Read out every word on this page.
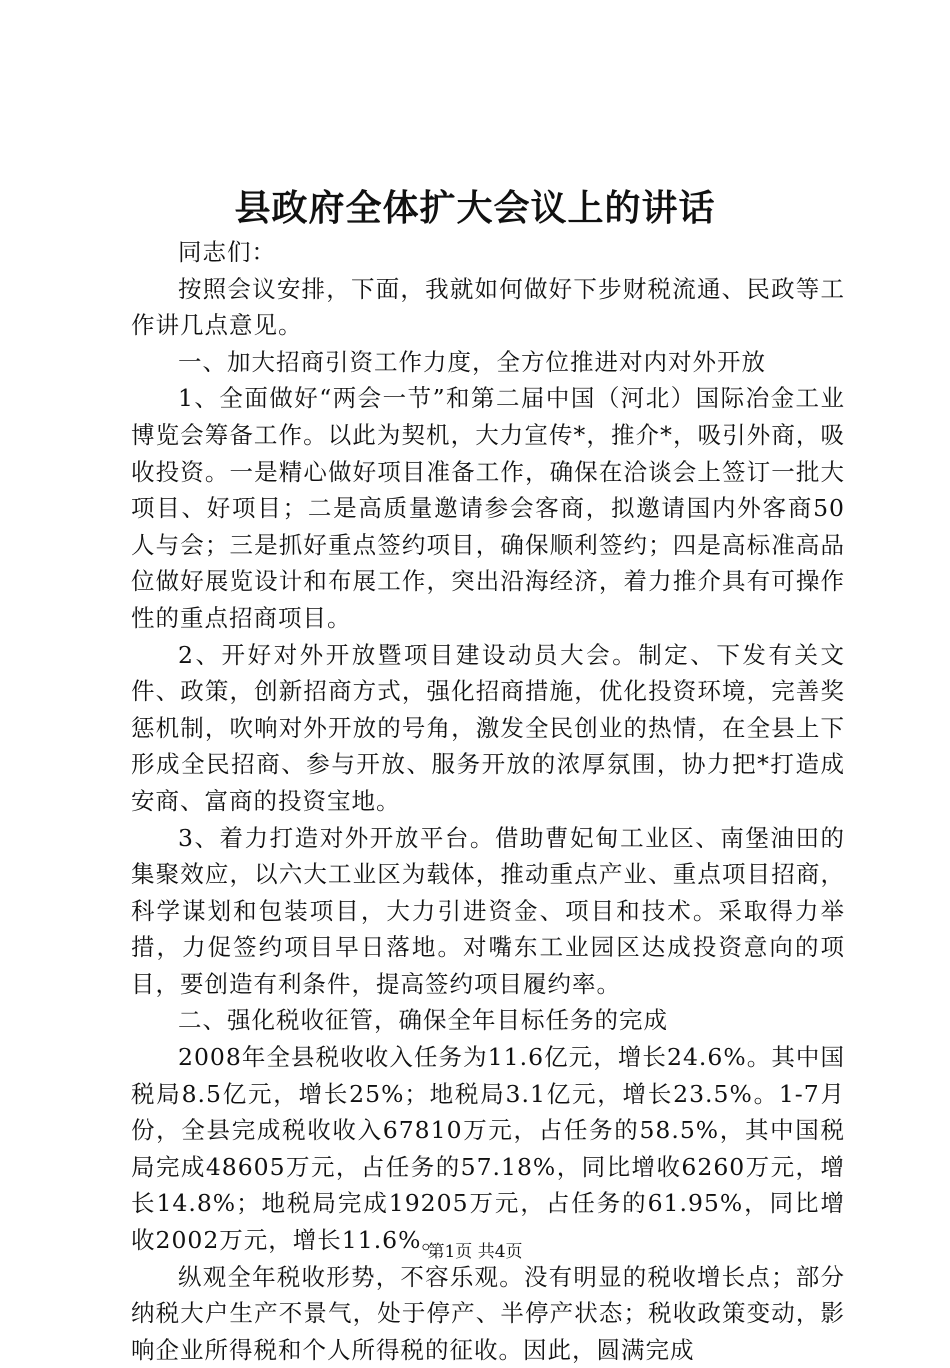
县政府全体扩大会议上的讲话

同志们：

按照会议安排，下面，我就如何做好下步财税流通、民政等工作讲几点意见。

一、加大招商引资工作力度，全方位推进对内对外开放

1、全面做好“两会一节”和第二届中国（河北）国际冶金工业博览会筹备工作。以此为契机，大力宣传*，推介*，吸引外商，吸收投资。一是精心做好项目准备工作，确保在洽谈会上签订一批大项目、好项目；二是高质量邀请参会客商，拟邀请国内外客商50人与会；三是抓好重点签约项目，确保顺利签约；四是高标准高品位做好展览设计和布展工作，突出沿海经济，着力推介具有可操作性的重点招商项目。

2、开好对外开放暨项目建设动员大会。制定、下发有关文件、政策，创新招商方式，强化招商措施，优化投资环境，完善奖惩机制，吹响对外开放的号角，激发全民创业的热情，在全县上下形成全民招商、参与开放、服务开放的浓厚氛围，协力把*打造成安商、富商的投资宝地。

3、着力打造对外开放平台。借助曹妃甸工业区、南堡油田的集聚效应，以六大工业区为载体，推动重点产业、重点项目招商，科学谋划和包装项目，大力引进资金、项目和技术。采取得力举措，力促签约项目早日落地。对嘴东工业园区达成投资意向的项目，要创造有利条件，提高签约项目履约率。

二、强化税收征管，确保全年目标任务的完成

2008年全县税收收入任务为11.6亿元，增长24.6%。其中国税局8.5亿元，增长25%；地税局3.1亿元，增长23.5%。1-7月份，全县完成税收收入67810万元，占任务的58.5%，其中国税局完成48605万元，占任务的57.18%，同比增收6260万元，增长14.8%；地税局完成19205万元，占任务的61.95%，同比增收2002万元，增长11.6%。

纵观全年税收形势，不容乐观。没有明显的税收增长点；部分纳税大户生产不景气，处于停产、半停产状态；税收政策变动，影响企业所得税和个人所得税的征收。因此，圆满完成

第1页 共4页
